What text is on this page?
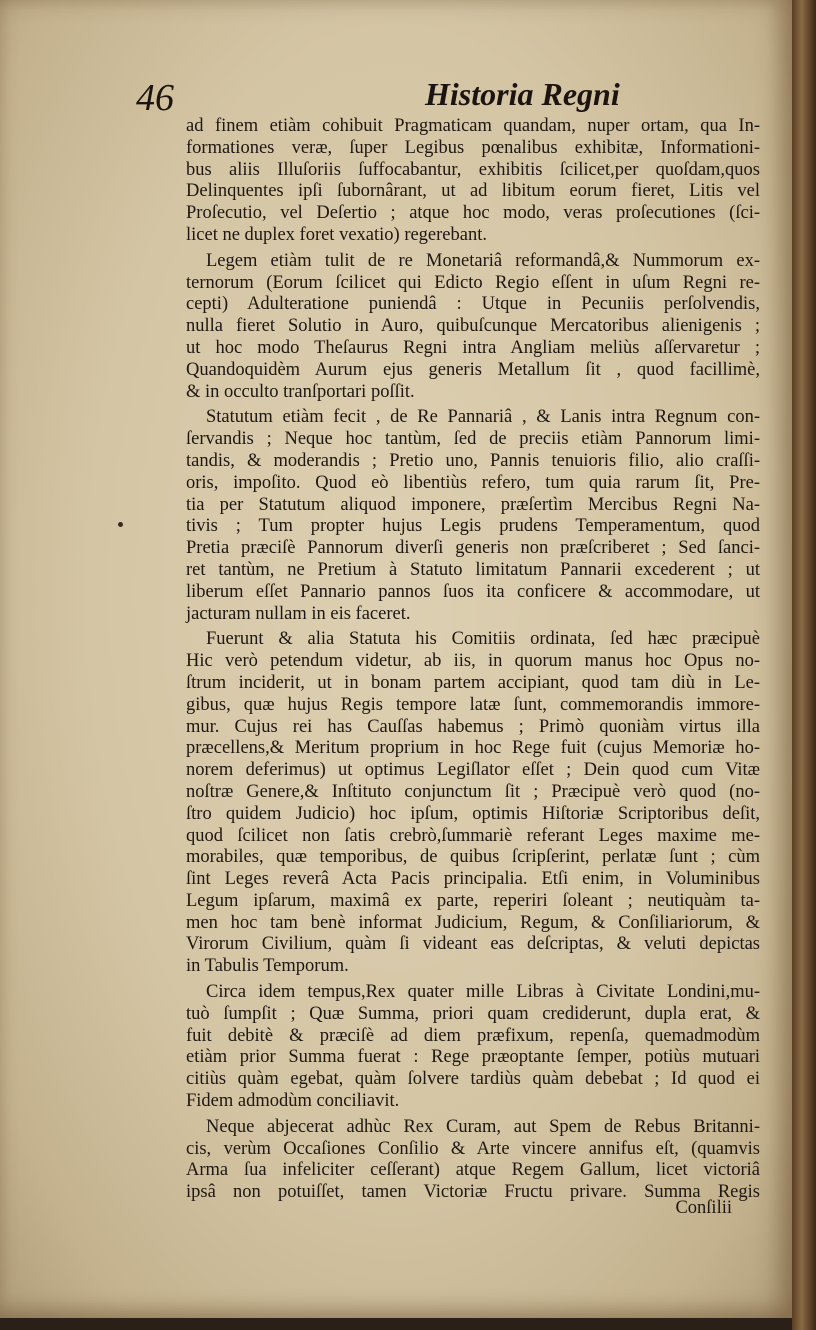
46	Historia Regni

ad finem etiàm cohibuit Pragmaticam quandam, nuper ortam, qua In-
formationes veræ, ſuper Legibus pœnalibus exhibitæ, Informationi-
bus aliis Illuſoriis ſuffocabantur, exhibitis ſcilicet,per quoſdam,quos
Delinquentes ipſi ſubornârant, ut ad libitum eorum fieret, Litis vel
Proſecutio, vel Deſertio ; atque hoc modo, veras proſecutiones (ſci-
licet ne duplex foret vexatio) regerebant.

Legem etiàm tulit de re Monetariâ reformandâ,& Nummorum ex-
ternorum (Eorum ſcilicet qui Edicto Regio eſſent in uſum Regni re-
cepti) Adulteratione puniendâ : Utque in Pecuniis perſolvendis,
nulla fieret Solutio in Auro, quibuſcunque Mercatoribus alienigenis ;
ut hoc modo Theſaurus Regni intra Angliam meliùs aſſervaretur ;
Quandoquidèm Aurum ejus generis Metallum ſit , quod facillimè,
& in occulto tranſportari poſſit.

Statutum etiàm fecit , de Re Pannariâ , & Lanis intra Regnum con-
ſervandis ; Neque hoc tantùm, ſed de preciis etiàm Pannorum limi-
tandis, & moderandis ; Pretio uno, Pannis tenuioris filio, alio craſſi-
oris, impoſito. Quod eò libentiùs refero, tum quia rarum ſit, Pre-
tia per Statutum aliquod imponere, præſertìm Mercibus Regni Na-
tivis ; Tum propter hujus Legis prudens Temperamentum, quod
Pretia præciſè Pannorum diverſi generis non præſcriberet ; Sed ſanci-
ret tantùm, ne Pretium à Statuto limitatum Pannarii excederent ; ut
liberum eſſet Pannario pannos ſuos ita conficere & accommodare, ut
jacturam nullam in eis faceret.

Fuerunt & alia Statuta his Comitiis ordinata, ſed hæc præcipuè
Hic verò petendum videtur, ab iis, in quorum manus hoc Opus no-
ſtrum inciderit, ut in bonam partem accipiant, quod tam diù in Le-
gibus, quæ hujus Regis tempore latæ ſunt, commemorandis immore-
mur. Cujus rei has Cauſſas habemus ; Primò quoniàm virtus illa
præcellens,& Meritum proprium in hoc Rege fuit (cujus Memoriæ ho-
norem deferimus) ut optimus Legiſlator eſſet ; Dein quod cum Vitæ
noſtræ Genere,& Inſtituto conjunctum ſit ; Præcipuè verò quod (no-
ſtro quidem Judicio) hoc ipſum, optimis Hiſtoriæ Scriptoribus deſit,
quod ſcilicet non ſatis crebrò,ſummariè referant Leges maxime me-
morabiles, quæ temporibus, de quibus ſcripſerint, perlatæ ſunt ; cùm
ſint Leges reverâ Acta Pacis principalia. Etſi enim, in Voluminibus
Legum ipſarum, maximâ ex parte, reperiri ſoleant ; neutiquàm ta-
men hoc tam benè informat Judicium, Regum, & Conſiliariorum, &
Virorum Civilium, quàm ſi videant eas deſcriptas, & veluti depictas
in Tabulis Temporum.

Circa idem tempus,Rex quater mille Libras à Civitate Londini,mu-
tuò ſumpſit ; Quæ Summa, priori quam crediderunt, dupla erat, &
fuit debitè & præciſè ad diem præfixum, repenſa, quemadmodùm
etiàm prior Summa fuerat : Rege præoptante ſemper, potiùs mutuari
citiùs quàm egebat, quàm ſolvere tardiùs quàm debebat ; Id quod ei
Fidem admodùm conciliavit.

Neque abjecerat adhùc Rex Curam, aut Spem de Rebus Britanni-
cis, verùm Occaſiones Conſilio & Arte vincere annifus eſt, (quamvis
Arma ſua infeliciter ceſſerant) atque Regem Gallum, licet victoriâ
ipsâ non potuiſſet, tamen Victoriæ Fructu privare. Summa Regis

Conſilii
